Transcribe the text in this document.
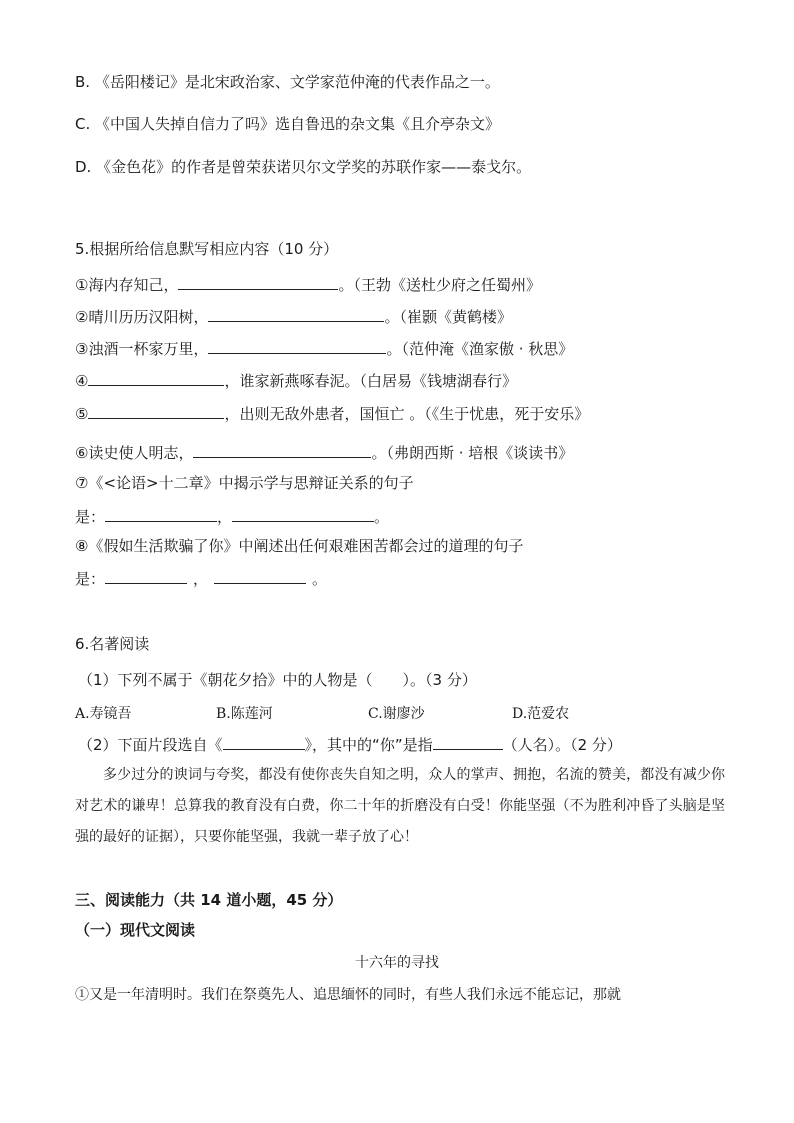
B. 《岳阳楼记》是北宋政治家、文学家范仲淹的代表作品之一。
C. 《中国人失掉自信力了吗》选自鲁迅的杂文集《且介亭杂文》
D. 《金色花》的作者是曾荣获诺贝尔文学奖的苏联作家——泰戈尔。
5.根据所给信息默写相应内容（10 分）
①海内存知己，	。（王勃《送杜少府之任蜀州》
②晴川历历汉阳树，	。（崔颢《黄鹤楼》
③浊酒一杯家万里，	。（范仲淹《渔家傲 · 秋思》
④	，谁家新燕啄春泥。（白居易《钱塘湖春行》
⑤	，出则无敌外患者，国恒亡 。（《生于忧患，死于安乐》
⑥读史使人明志，	。（弗朗西斯 · 培根《谈读书》
⑦《<论语>十二章》中揭示学与思辩证关系的句子
是：	，	。
⑧《假如生活欺骗了你》中阐述出任何艰难困苦都会过的道理的句子
是：	，	。
6.名著阅读
（1）下列不属于《朝花夕拾》中的人物是（　　）。（3 分）
A.寿镜吾	B.陈莲河	C.谢廖沙	D.范爱农
（2）下面片段选自《	》，其中的“你”是指	（人名）。（2 分）
多少过分的谀词与夸奖，都没有使你丧失自知之明，众人的掌声、拥抱，名流的赞美，都没有减少你对艺术的谦卑！总算我的教育没有白费，你二十年的折磨没有白受！你能坚强（不为胜利冲昏了头脑是坚强的最好的证据），只要你能坚强，我就一辈子放了心！
三、阅读能力（共 14 道小题，45 分）
（一）现代文阅读
十六年的寻找
①又是一年清明时。我们在祭奠先人、追思缅怀的同时，有些人我们永远不能忘记，那就
